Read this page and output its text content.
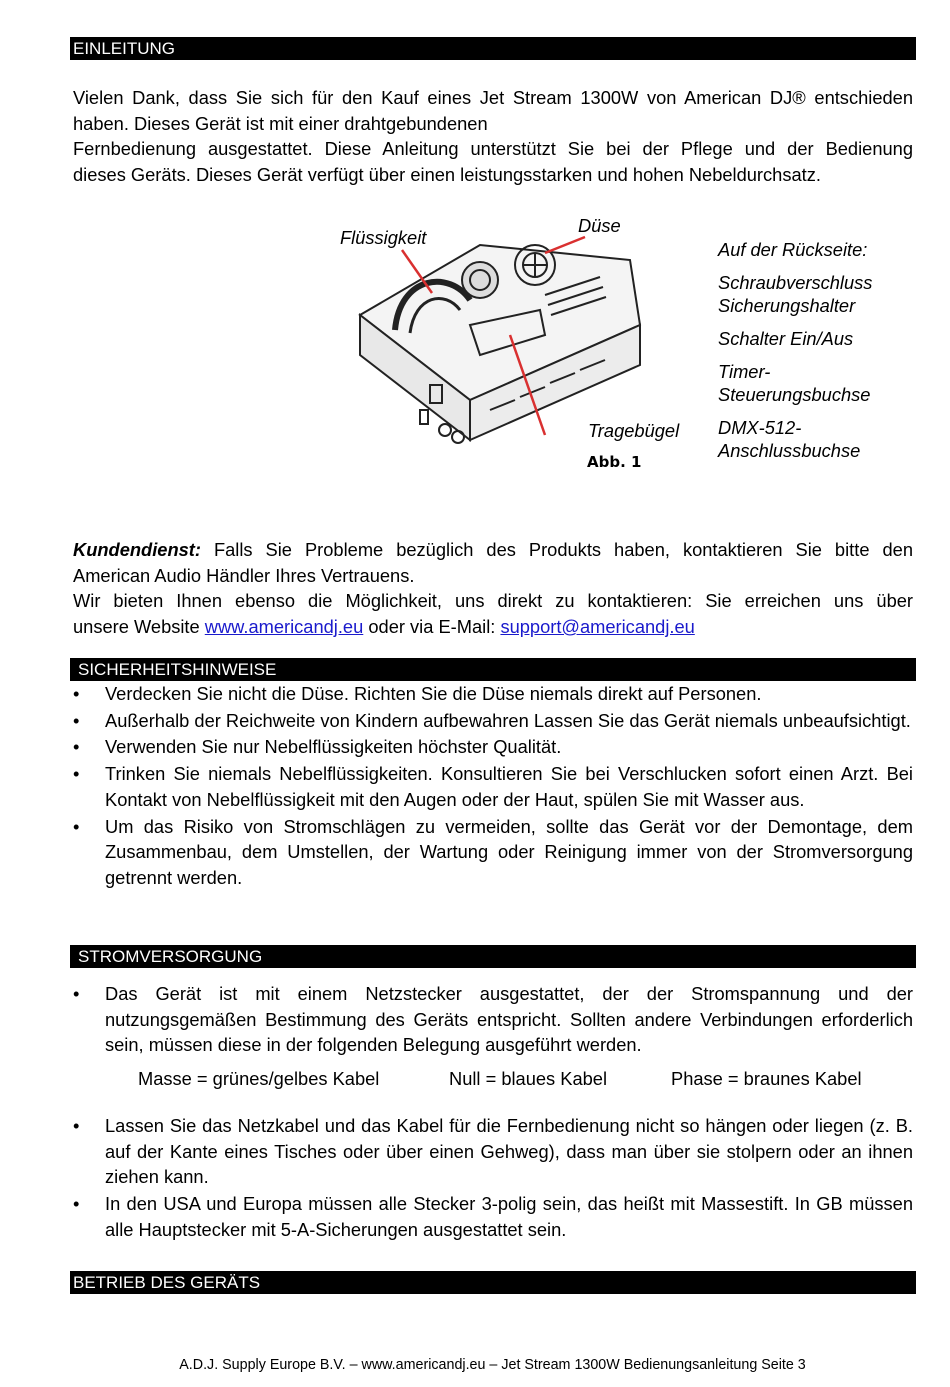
EINLEITUNG
Vielen Dank, dass Sie sich für den Kauf eines Jet Stream 1300W von American DJ® entschieden
haben. Dieses Gerät ist mit einer drahtgebundenen
Fernbedienung ausgestattet. Diese Anleitung unterstützt Sie bei der Pflege und der Bedienung
dieses Geräts. Dieses Gerät verfügt über einen leistungsstarken und hohen Nebeldurchsatz.
Flüssigkeit
Düse
Tragebügel
Abb. 1
Auf der Rückseite:
Schraubverschluss Sicherungshalter
Schalter Ein/Aus
Timer-Steuerungsbuchse
DMX-512-Anschlussbuchse
Kundendienst: Falls Sie Probleme bezüglich des Produkts haben, kontaktieren Sie bitte den
American Audio Händler Ihres Vertrauens.
Wir bieten Ihnen ebenso die Möglichkeit, uns direkt zu kontaktieren: Sie erreichen uns über
unsere Website www.americandj.eu oder via E-Mail: support@americandj.eu
SICHERHEITSHINWEISE
• Verdecken Sie nicht die Düse. Richten Sie die Düse niemals direkt auf Personen.
• Außerhalb der Reichweite von Kindern aufbewahren Lassen Sie das Gerät niemals unbeaufsichtigt.
• Verwenden Sie nur Nebelflüssigkeiten höchster Qualität.
• Trinken Sie niemals Nebelflüssigkeiten. Konsultieren Sie bei Verschlucken sofort einen Arzt. Bei Kontakt von Nebelflüssigkeit mit den Augen oder der Haut, spülen Sie mit Wasser aus.
• Um das Risiko von Stromschlägen zu vermeiden, sollte das Gerät vor der Demontage, dem Zusammenbau, dem Umstellen, der Wartung oder Reinigung immer von der Stromversorgung getrennt werden.
STROMVERSORGUNG
• Das Gerät ist mit einem Netzstecker ausgestattet, der der Stromspannung und der nutzungsgemäßen Bestimmung des Geräts entspricht. Sollten andere Verbindungen erforderlich sein, müssen diese in der folgenden Belegung ausgeführt werden.
Masse = grünes/gelbes Kabel	Null = blaues Kabel	Phase = braunes Kabel
• Lassen Sie das Netzkabel und das Kabel für die Fernbedienung nicht so hängen oder liegen (z. B. auf der Kante eines Tisches oder über einen Gehweg), dass man über sie stolpern oder an ihnen ziehen kann.
• In den USA und Europa müssen alle Stecker 3-polig sein, das heißt mit Massestift. In GB müssen alle Hauptstecker mit 5-A-Sicherungen ausgestattet sein.
BETRIEB DES GERÄTS
A.D.J. Supply Europe B.V. – www.americandj.eu – Jet Stream 1300W Bedienungsanleitung Seite 3
